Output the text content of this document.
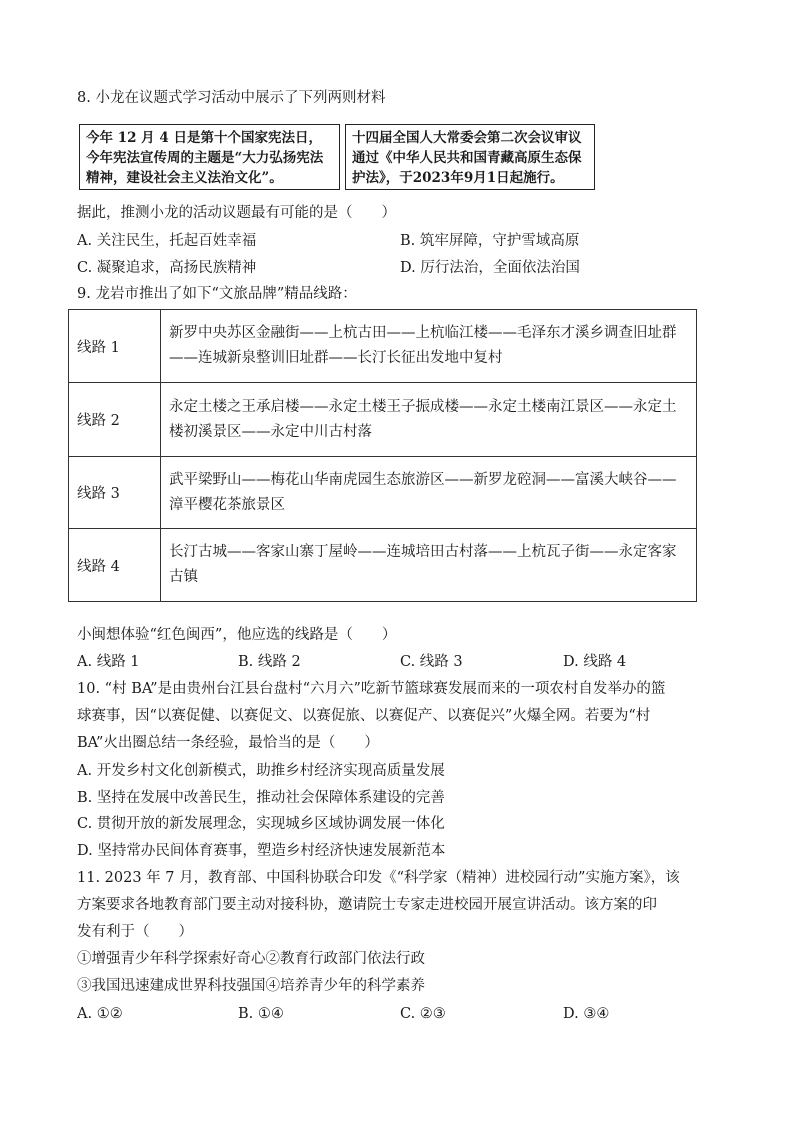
8. 小龙在议题式学习活动中展示了下列两则材料

今年 12 月 4 日是第十个国家宪法日，今年宪法宣传周的主题是“大力弘扬宪法精神，建设社会主义法治文化”。

十四届全国人大常委会第二次会议审议通过《中华人民共和国青藏高原生态保护法》，于2023年9月1日起施行。

据此，推测小龙的活动议题最有可能的是（　　）
A. 关注民生，托起百姓幸福	B. 筑牢屏障，守护雪域高原
C. 凝聚追求，高扬民族精神	D. 厉行法治，全面依法治国
9. 龙岩市推出了如下“文旅品牌”精品线路：
线路 1	新罗中央苏区金融街——上杭古田——上杭临江楼——毛泽东才溪乡调查旧址群——连城新泉整训旧址群——长汀长征出发地中复村
线路 2	永定土楼之王承启楼——永定土楼王子振成楼——永定土楼南江景区——永定土楼初溪景区——永定中川古村落
线路 3	武平梁野山——梅花山华南虎园生态旅游区——新罗龙硿洞——富溪大峡谷——漳平樱花茶旅景区
线路 4	长汀古城——客家山寨丁屋岭——连城培田古村落——上杭瓦子街——永定客家古镇
小闽想体验“红色闽西”，他应选的线路是（　　）
A. 线路 1	B. 线路 2	C. 线路 3	D. 线路 4
10. “村 BA”是由贵州台江县台盘村“六月六”吃新节篮球赛发展而来的一项农村自发举办的篮
球赛事，因“以赛促健、以赛促文、以赛促旅、以赛促产、以赛促兴”火爆全网。若要为“村
BA”火出圈总结一条经验，最恰当的是（　　）
A. 开发乡村文化创新模式，助推乡村经济实现高质量发展
B. 坚持在发展中改善民生，推动社会保障体系建设的完善
C. 贯彻开放的新发展理念，实现城乡区域协调发展一体化
D. 坚持常办民间体育赛事，塑造乡村经济快速发展新范本
11. 2023 年 7 月，教育部、中国科协联合印发《“科学家（精神）进校园行动”实施方案》，该
方案要求各地教育部门要主动对接科协，邀请院士专家走进校园开展宣讲活动。该方案的印
发有利于（　　）
①增强青少年科学探索好奇心②教育行政部门依法行政
③我国迅速建成世界科技强国④培养青少年的科学素养
A. ①②	B. ①④	C. ②③	D. ③④
